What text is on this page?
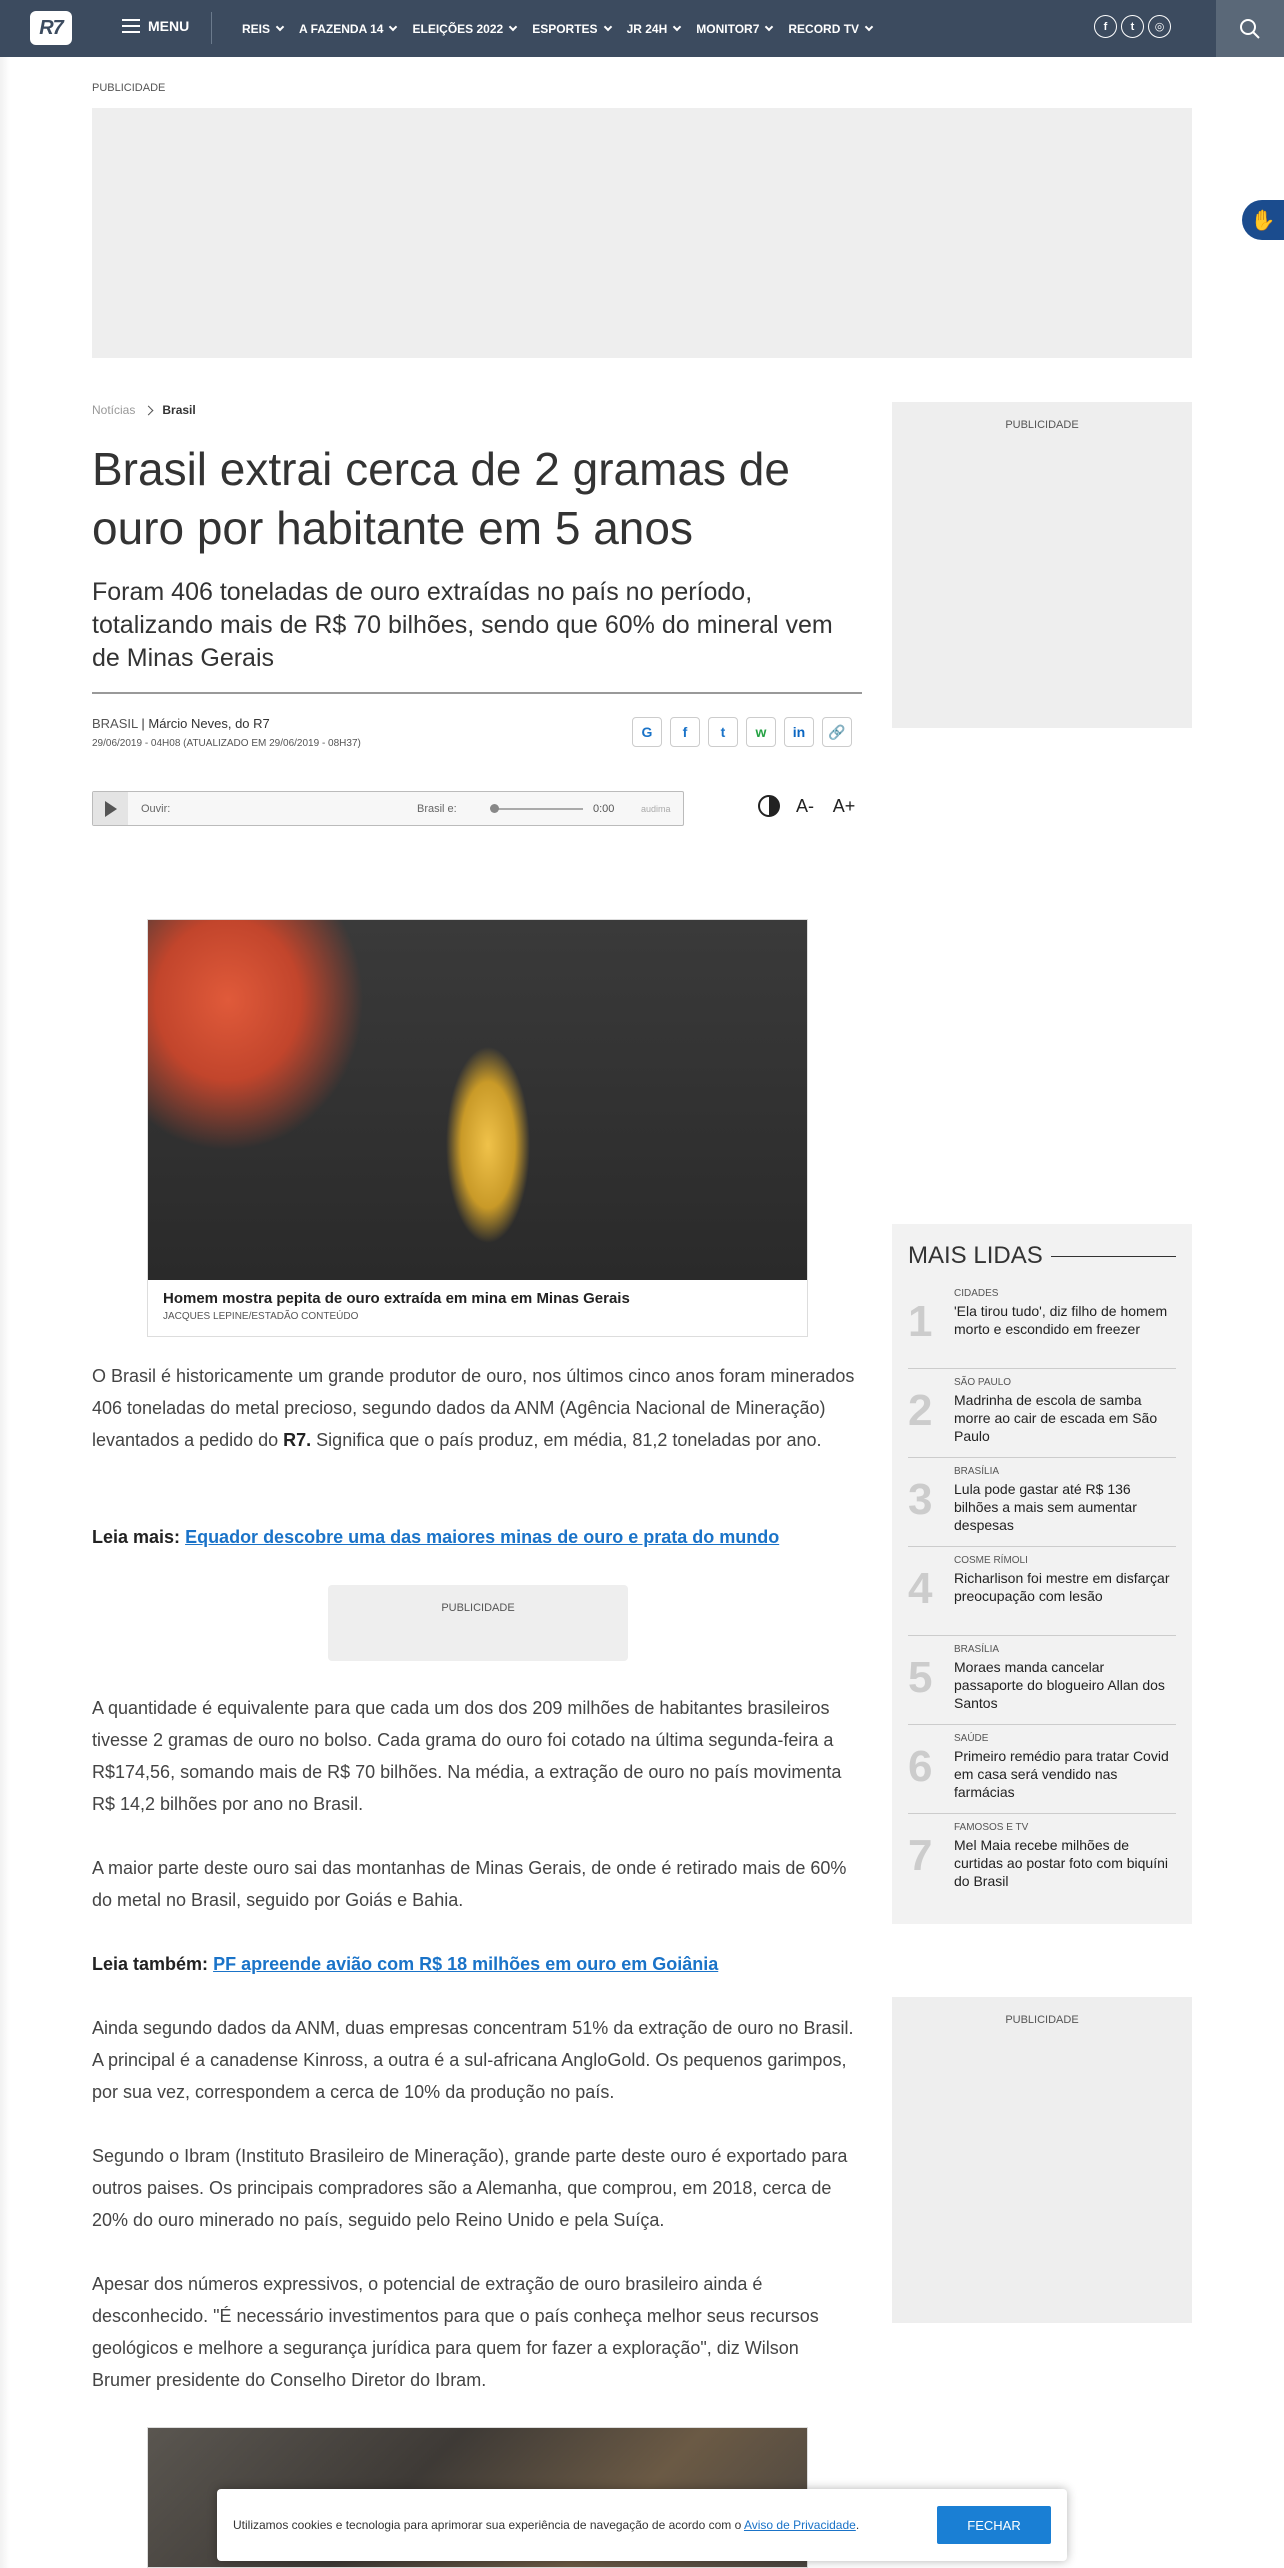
R7	MENU	REIS A FAZENDA 14 ELEIÇÕES 2022 ESPORTES JR 24H MONITOR7 RECORD TV	f	t	◎
PUBLICIDADE
✋
Notícias Brasil
Brasil extrai cerca de 2 gramas de ouro por habitante em 5 anos
Foram 406 toneladas de ouro extraídas no país no período, totalizando mais de R$ 70 bilhões, sendo que 60% do mineral vem de Minas Gerais
BRASIL | Márcio Neves, do R7
29/06/2019 - 04H08 (ATUALIZADO EM 29/06/2019 - 08H37)
G	f	t	w	in	🔗
Ouvir:	Brasil e:	0:00	audima	A- A+
Homem mostra pepita de ouro extraída em mina em Minas Gerais
JACQUES LEPINE/ESTADÃO CONTEÚDO
O Brasil é historicamente um grande produtor de ouro, nos últimos cinco anos foram minerados 406 toneladas do metal precioso, segundo dados da ANM (Agência Nacional de Mineração) levantados a pedido do R7. Significa que o país produz, em média, 81,2 toneladas por ano.
Leia mais: Equador descobre uma das maiores minas de ouro e prata do mundo
PUBLICIDADE
A quantidade é equivalente para que cada um dos dos 209 milhões de habitantes brasileiros tivesse 2 gramas de ouro no bolso. Cada grama do ouro foi cotado na última segunda-feira a R$174,56, somando mais de R$ 70 bilhões. Na média, a extração de ouro no país movimenta R$ 14,2 bilhões por ano no Brasil.
A maior parte deste ouro sai das montanhas de Minas Gerais, de onde é retirado mais de 60% do metal no Brasil, seguido por Goiás e Bahia.
Leia também: PF apreende avião com R$ 18 milhões em ouro em Goiânia
Ainda segundo dados da ANM, duas empresas concentram 51% da extração de ouro no Brasil. A principal é a canadense Kinross, a outra é a sul-africana AngloGold. Os pequenos garimpos, por sua vez, correspondem a cerca de 10% da produção no país.
Segundo o Ibram (Instituto Brasileiro de Mineração), grande parte deste ouro é exportado para outros paises. Os principais compradores são a Alemanha, que comprou, em 2018, cerca de 20% do ouro minerado no país, seguido pelo Reino Unido e pela Suíça.
Apesar dos números expressivos, o potencial de extração de ouro brasileiro ainda é desconhecido. "É necessário investimentos para que o país conheça melhor seus recursos geológicos e melhore a segurança jurídica para quem for fazer a exploração", diz Wilson Brumer presidente do Conselho Diretor do Ibram.
PUBLICIDADE
MAIS LIDAS
1
CIDADES
'Ela tirou tudo', diz filho de homem morto e escondido em freezer
2
SÃO PAULO
Madrinha de escola de samba morre ao cair de escada em São Paulo
3
BRASÍLIA
Lula pode gastar até R$ 136 bilhões a mais sem aumentar despesas
4
COSME RÍMOLI
Richarlison foi mestre em disfarçar preocupação com lesão
5
BRASÍLIA
Moraes manda cancelar passaporte do blogueiro Allan dos Santos
6
SAÚDE
Primeiro remédio para tratar Covid em casa será vendido nas farmácias
7
FAMOSOS E TV
Mel Maia recebe milhões de curtidas ao postar foto com biquíni do Brasil
PUBLICIDADE
Utilizamos cookies e tecnologia para aprimorar sua experiência de navegação de acordo com o Aviso de Privacidade.	FECHAR
